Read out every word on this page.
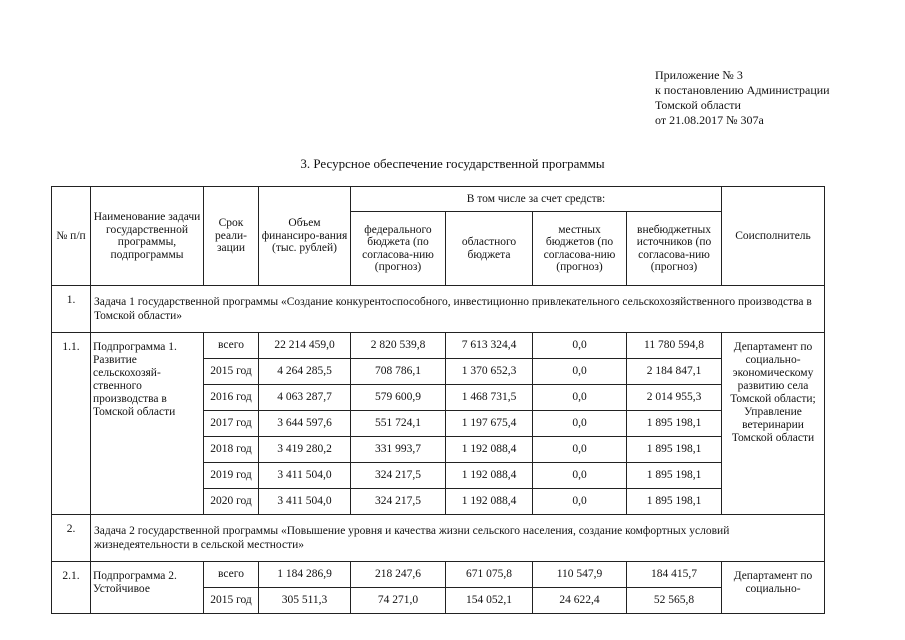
Приложение № 3
к постановлению Администрации
Томской области
от 21.08.2017 № 307а
3. Ресурсное обеспечение государственной программы
№ п/п	Наименование задачи государственной программы, подпрограммы	Срок реали-зации	Объем финансиро-вания (тыс. рублей)	В том числе за счет средств:				Соисполнитель
				федерального бюджета (по согласова-нию (прогноз)	областного бюджета	местных бюджетов (по согласова-нию (прогноз)	внебюджетных источников (по согласова-нию (прогноз)	
1.	Задача 1 государственной программы «Создание конкурентоспособного, инвестиционно привлекательного сельскохозяйственного производства в Томской области»							
1.1.	Подпрограмма 1. Развитие сельскохозяй-ственного производства в Томской области	всего	22 214 459,0	2 820 539,8	7 613 324,4	0,0	11 780 594,8	Департамент по социально-экономическому развитию села Томской области; Управление ветеринарии Томской области
		2015 год	4 264 285,5	708 786,1	1 370 652,3	0,0	2 184 847,1	
		2016 год	4 063 287,7	579 600,9	1 468 731,5	0,0	2 014 955,3	
		2017 год	3 644 597,6	551 724,1	1 197 675,4	0,0	1 895 198,1	
		2018 год	3 419 280,2	331 993,7	1 192 088,4	0,0	1 895 198,1	
		2019 год	3 411 504,0	324 217,5	1 192 088,4	0,0	1 895 198,1	
		2020 год	3 411 504,0	324 217,5	1 192 088,4	0,0	1 895 198,1	
2.	Задача 2 государственной программы «Повышение уровня и качества жизни сельского населения, создание комфортных условий жизнедеятельности в сельской местности»							
2.1.	Подпрограмма 2. Устойчивое	всего	1 184 286,9	218 247,6	671 075,8	110 547,9	184 415,7	Департамент по социально-
		2015 год	305 511,3	74 271,0	154 052,1	24 622,4	52 565,8	
